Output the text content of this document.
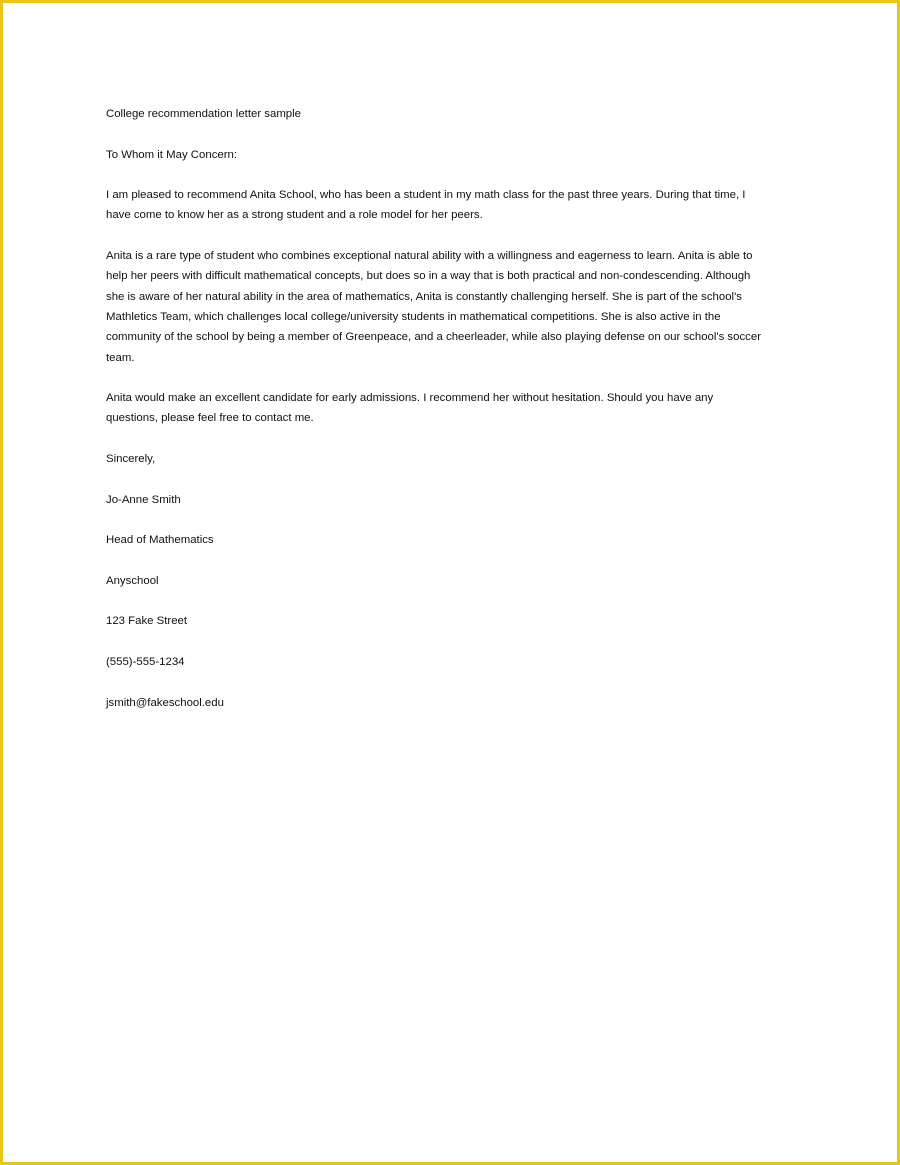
College recommendation letter sample

To Whom it May Concern:

I am pleased to recommend Anita School, who has been a student in my math class for the past three years. During that time, I have come to know her as a strong student and a role model for her peers.

Anita is a rare type of student who combines exceptional natural ability with a willingness and eagerness to learn. Anita is able to help her peers with difficult mathematical concepts, but does so in a way that is both practical and non-condescending. Although she is aware of her natural ability in the area of mathematics, Anita is constantly challenging herself. She is part of the school's Mathletics Team, which challenges local college/university students in mathematical competitions. She is also active in the community of the school by being a member of Greenpeace, and a cheerleader, while also playing defense on our school's soccer team.

Anita would make an excellent candidate for early admissions. I recommend her without hesitation. Should you have any questions, please feel free to contact me.

Sincerely,

Jo-Anne Smith

Head of Mathematics

Anyschool

123 Fake Street

(555)-555-1234

jsmith@fakeschool.edu
